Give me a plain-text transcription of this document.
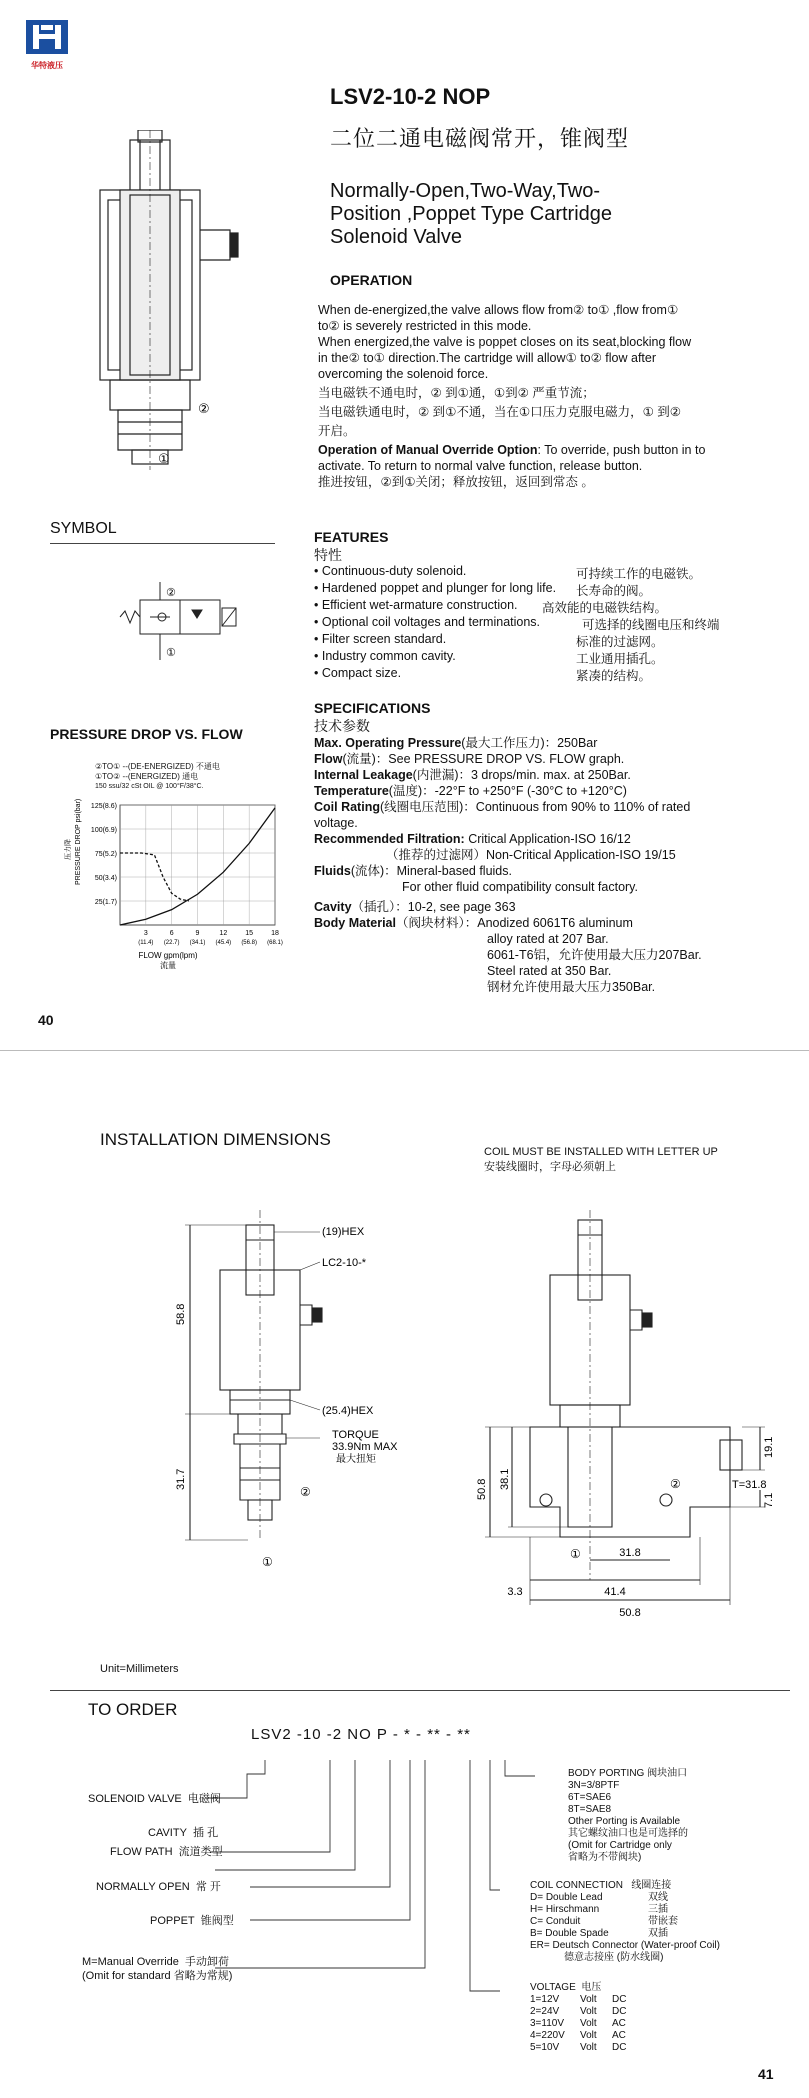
华特液压
LSV2-10-2 NOP
二位二通电磁阀常开，锥阀型
Normally-Open,Two-Way,Two-
Position ,Poppet Type Cartridge
Solenoid Valve
②
①
OPERATION
When de-energized,the valve allows flow from② to① ,flow from①
to② is severely restricted in this mode.
When energized,the valve is poppet closes on its seat,blocking flow
in the② to① direction.The cartridge will allow① to② flow after
overcoming the solenoid force.
当电磁铁不通电时，② 到①通，①到② 严重节流；
当电磁铁通电时，② 到①不通，当在①口压力克服电磁力，① 到②
开启。
Operation of Manual Override Option: To override, push button in to
activate. To return to normal valve function, release button.
推进按钮，②到①关闭；释放按钮，返回到常态 。
SYMBOL
②
①
PRESSURE DROP VS. FLOW
②TO① --(DE-ENERGIZED) 不通电
①TO② --(ENERGIZED) 通电
150 ssu/32 cSt OIL @ 100°F/38°C.
25(1.7)
50(3.4)
75(5.2)
100(6.9)
125(8.6)
3
(11.4)
6
(22.7)
9
(34.1)
12
(45.4)
15
(56.8)
18
(68.1)
压力降 PRESSURE DROP psi(bar)
FLOW gpm(lpm)
流量
FEATURES
特性
• Continuous-duty solenoid.	可持续工作的电磁铁。
• Hardened poppet and plunger for long life. 长寿命的阀。
• Efficient wet-armature construction. 高效能的电磁铁结构。
• Optional coil voltages and terminations.	可选择的线圈电压和终端
• Filter screen standard.	标准的过滤网。
• Industry common cavity.	工业通用插孔。
• Compact size.	紧凑的结构。
SPECIFICATIONS
技术参数
Max. Operating Pressure(最大工作压力)：250Bar
Flow(流量)：See PRESSURE DROP VS. FLOW graph.
Internal Leakage(内泄漏)：3 drops/min. max. at 250Bar.
Temperature(温度)：-22°F to +250°F (-30°C to +120°C)
Coil Rating(线圈电压范围)：Continuous from 90% to 110% of rated
voltage.
Recommended Filtration: Critical Application-ISO 16/12
（推荐的过滤网）Non-Critical Application-ISO 19/15
Fluids(流体)：Mineral-based fluids.
For other fluid compatibility consult factory.
Cavity（插孔）：10-2, see page 363
Body Material（阀块材料）：Anodized 6061T6 aluminum
alloy rated at 207 Bar.
6061-T6铝，允许使用最大压力207Bar.
Steel rated at 350 Bar.
钢材允许使用最大压力350Bar.
40
INSTALLATION DIMENSIONS
COIL MUST BE INSTALLED WITH LETTER UP
安装线圈时，字母必须朝上
58.8
31.7
(19)HEX
LC2-10-*
(25.4)HEX
TORQUE
33.9Nm MAX
最大扭矩
②
①
50.8 38.1
19.1
T=31.8
7.1
31.8
3.3	41.4
50.8
②
①
Unit=Millimeters
TO ORDER
LSV2 -10 -2 NO P - * - ** - **
SOLENOID VALVE 电磁阀
CAVITY 插 孔
FLOW PATH 流道类型
NORMALLY OPEN 常 开
POPPET 锥阀型
M=Manual Override 手动卸荷
(Omit for standard 省略为常规)
BODY PORTING 阀块油口
3N=3/8PTF
6T=SAE6
8T=SAE8
Other Porting is Available
其它螺纹油口也是可选择的
(Omit for Cartridge only
省略为不带阀块)
COIL CONNECTION 线圈连接
D= Double Lead	双线
H= Hirschmann	三插
C= Conduit	带嵌套
B= Double Spade	双插
ER= Deutsch Connector (Water-proof Coil)
德意志接座 (防水线圈)
VOLTAGE 电压
1=12V Volt DC
2=24V Volt DC
3=110V Volt AC
4=220V Volt AC
5=10V Volt DC
41
